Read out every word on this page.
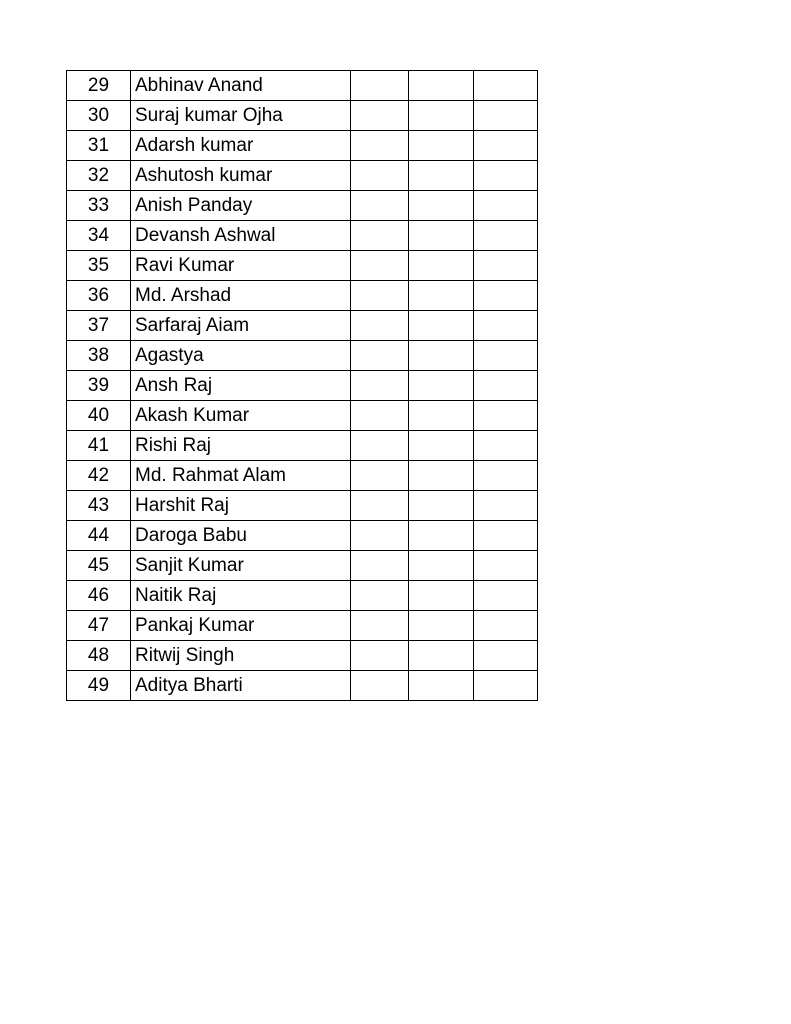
29	Abhinav Anand			
30	Suraj kumar Ojha			
31	Adarsh kumar			
32	Ashutosh kumar			
33	Anish Panday			
34	Devansh Ashwal			
35	Ravi Kumar			
36	Md. Arshad			
37	Sarfaraj Aiam			
38	Agastya			
39	Ansh Raj			
40	Akash Kumar			
41	Rishi Raj			
42	Md. Rahmat Alam			
43	Harshit Raj			
44	Daroga Babu			
45	Sanjit Kumar			
46	Naitik Raj			
47	Pankaj Kumar			
48	Ritwij Singh			
49	Aditya Bharti			
